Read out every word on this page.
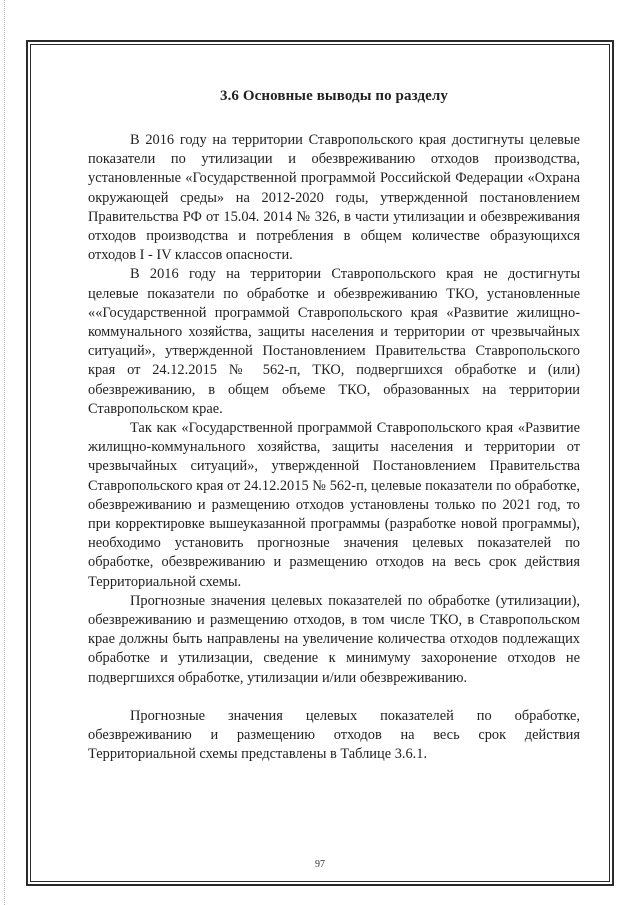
3.6 Основные выводы по разделу

В 2016 году на территории Ставропольского края достигнуты целевые показатели по утилизации и обезвреживанию отходов производства, установленные «Государственной программой Российской Федерации «Охрана окружающей среды» на 2012-2020 годы, утвержденной постановлением Правительства РФ от 15.04. 2014 № 326, в части утилизации и обезвреживания отходов производства и потребления в общем количестве образующихся отходов I - IV классов опасности.

В 2016 году на территории Ставропольского края не достигнуты целевые показатели по обработке и обезвреживанию ТКО, установленные ««Государственной программой Ставропольского края «Развитие жилищно-коммунального хозяйства, защиты населения и территории от чрезвычайных ситуаций», утвержденной Постановлением Правительства Ставропольского края от 24.12.2015 № 562-п, ТКО, подвергшихся обработке и (или) обезвреживанию, в общем объеме ТКО, образованных на территории Ставропольском крае.

Так как «Государственной программой Ставропольского края «Развитие жилищно-коммунального хозяйства, защиты населения и территории от чрезвычайных ситуаций», утвержденной Постановлением Правительства Ставропольского края от 24.12.2015 № 562-п, целевые показатели по обработке, обезвреживанию и размещению отходов установлены только по 2021 год, то при корректировке вышеуказанной программы (разработке новой программы), необходимо установить прогнозные значения целевых показателей по обработке, обезвреживанию и размещению отходов на весь срок действия Территориальной схемы.

Прогнозные значения целевых показателей по обработке (утилизации), обезвреживанию и размещению отходов, в том числе ТКО, в Ставропольском крае должны быть направлены на увеличение количества отходов подлежащих обработке и утилизации, сведение к минимуму захоронение отходов не подвергшихся обработке, утилизации и/или обезвреживанию.

Прогнозные значения целевых показателей по обработке, обезвреживанию и размещению отходов на весь срок действия Территориальной схемы представлены в Таблице 3.6.1.

97
